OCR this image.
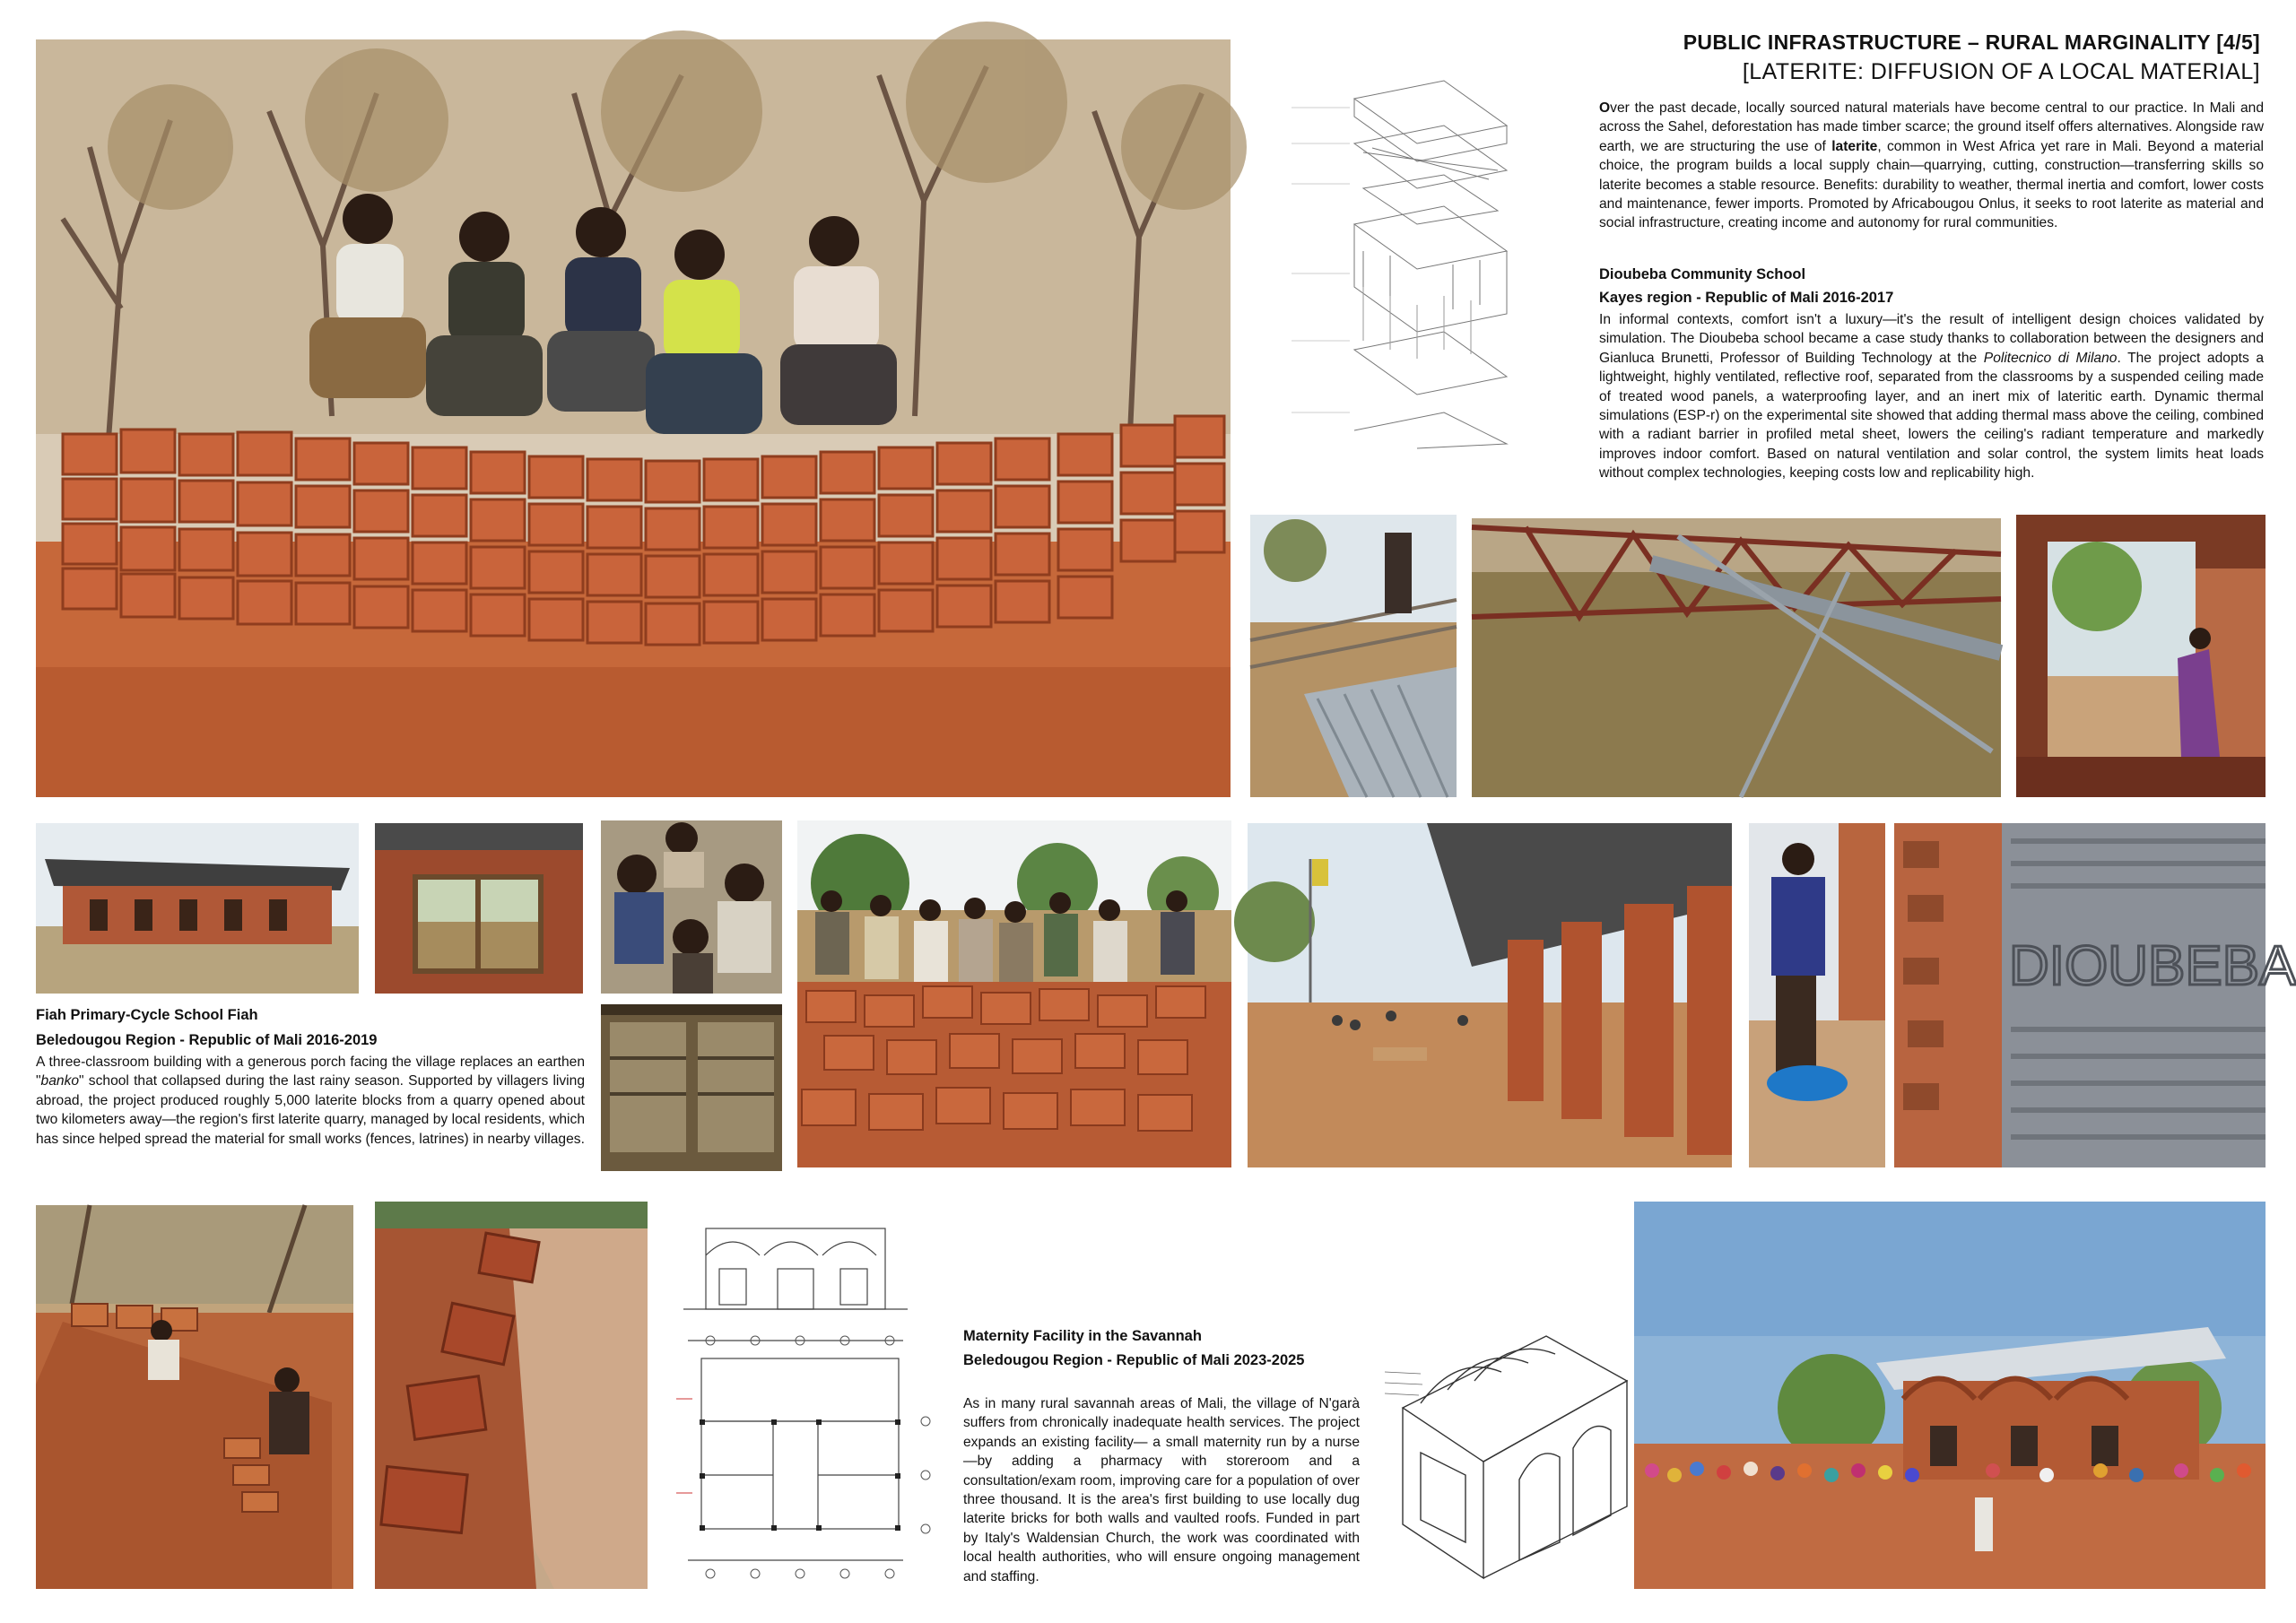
PUBLIC INFRASTRUCTURE – RURAL MARGINALITY [4/5]
[LATERITE: DIFFUSION OF A LOCAL MATERIAL]
Over the past decade, locally sourced natural materials have become central to our practice. In Mali and across the Sahel, deforestation has made timber scarce; the ground itself offers alternatives. Alongside raw earth, we are structuring the use of laterite, common in West Africa yet rare in Mali. Beyond a material choice, the program builds a local supply chain—quarrying, cutting, construction—transferring skills so laterite becomes a stable resource. Benefits: durability to weather, thermal inertia and comfort, lower costs and maintenance, fewer imports. Promoted by Africabougou Onlus, it seeks to root laterite as material and social infrastructure, creating income and autonomy for rural communities.
Dioubeba Community School
Kayes region - Republic of Mali 2016-2017
In informal contexts, comfort isn't a luxury—it's the result of intelligent design choices validated by simulation. The Dioubeba school became a case study thanks to collaboration between the designers and Gianluca Brunetti, Professor of Building Technology at the Politecnico di Milano. The project adopts a lightweight, highly ventilated, reflective roof, separated from the classrooms by a suspended ceiling made of treated wood panels, a waterproofing layer, and an inert mix of lateritic earth. Dynamic thermal simulations (ESP-r) on the experimental site showed that adding thermal mass above the ceiling, combined with a radiant barrier in profiled metal sheet, lowers the ceiling's radiant temperature and markedly improves indoor comfort. Based on natural ventilation and solar control, the system limits heat loads without complex technologies, keeping costs low and replicability high.
Fiah Primary-Cycle School Fiah
Beledougou Region - Republic of Mali 2016-2019
A three-classroom building with a generous porch facing the village replaces an earthen "banko" school that collapsed during the last rainy season. Supported by villagers living abroad, the project produced roughly 5,000 laterite blocks from a quarry opened about two kilometers away—the region's first laterite quarry, managed by local residents, which has since helped spread the material for small works (fences, latrines) in nearby villages.
DIOUBEBA
Maternity Facility in the Savannah
Beledougou Region - Republic of Mali 2023-2025
As in many rural savannah areas of Mali, the village of N'garà suffers from chronically inadequate health services. The project expands an existing facility— a small maternity run by a nurse—by adding a pharmacy with storeroom and a consultation/exam room, improving care for a population of over three thousand. It is the area's first building to use locally dug laterite bricks for both walls and vaulted roofs. Funded in part by Italy's Waldensian Church, the work was coordinated with local health authorities, who will ensure ongoing management and staffing.
